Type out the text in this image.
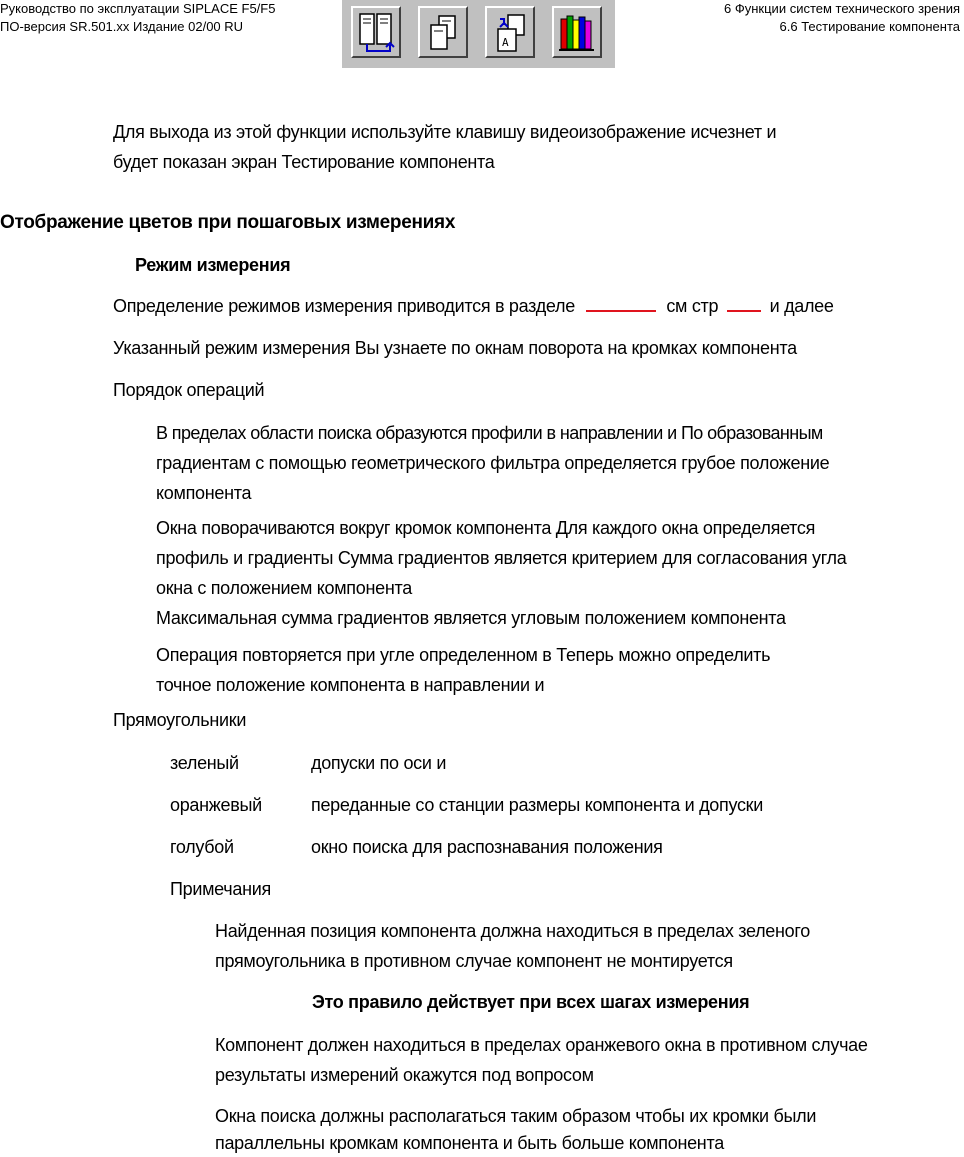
Руководство по эксплуатации SIPLACE F5/F5
ПО-версия SR.501.xx Издание 02/00 RU
6 Функции систем технического зрения
6.6 Тестирование компонента
A
Для выхода из этой функции используйте клавишу видеоизображение исчезнет и
будет показан экран Тестирование компонента
Отображение цветов при пошаговых измерениях
Режим измерения
Определение режимов измерения приводится в разделе	см стр	и далее
Указанный режим измерения Вы узнаете по окнам поворота на кромках компонента
Порядок операций
В пределах области поиска образуются профили в направлении и По образованным
градиентам с помощью геометрического фильтра определяется грубое положение
компонента
Окна поворачиваются вокруг кромок компонента Для каждого окна определяется
профиль и градиенты Сумма градиентов является критерием для согласования угла
окна с положением компонента
Максимальная сумма градиентов является угловым положением компонента
Операция повторяется при угле определенном в Теперь можно определить
точное положение компонента в направлении и
Прямоугольники
зеленый	допуски по оси и
оранжевый	переданные со станции размеры компонента и допуски
голубой	окно поиска для распознавания положения
Примечания
Найденная позиция компонента должна находиться в пределах зеленого
прямоугольника в противном случае компонент не монтируется
Это правило действует при всех шагах измерения
Компонент должен находиться в пределах оранжевого окна в противном случае
результаты измерений окажутся под вопросом
Окна поиска должны располагаться таким образом чтобы их кромки были
параллельны кромкам компонента и быть больше компонента
